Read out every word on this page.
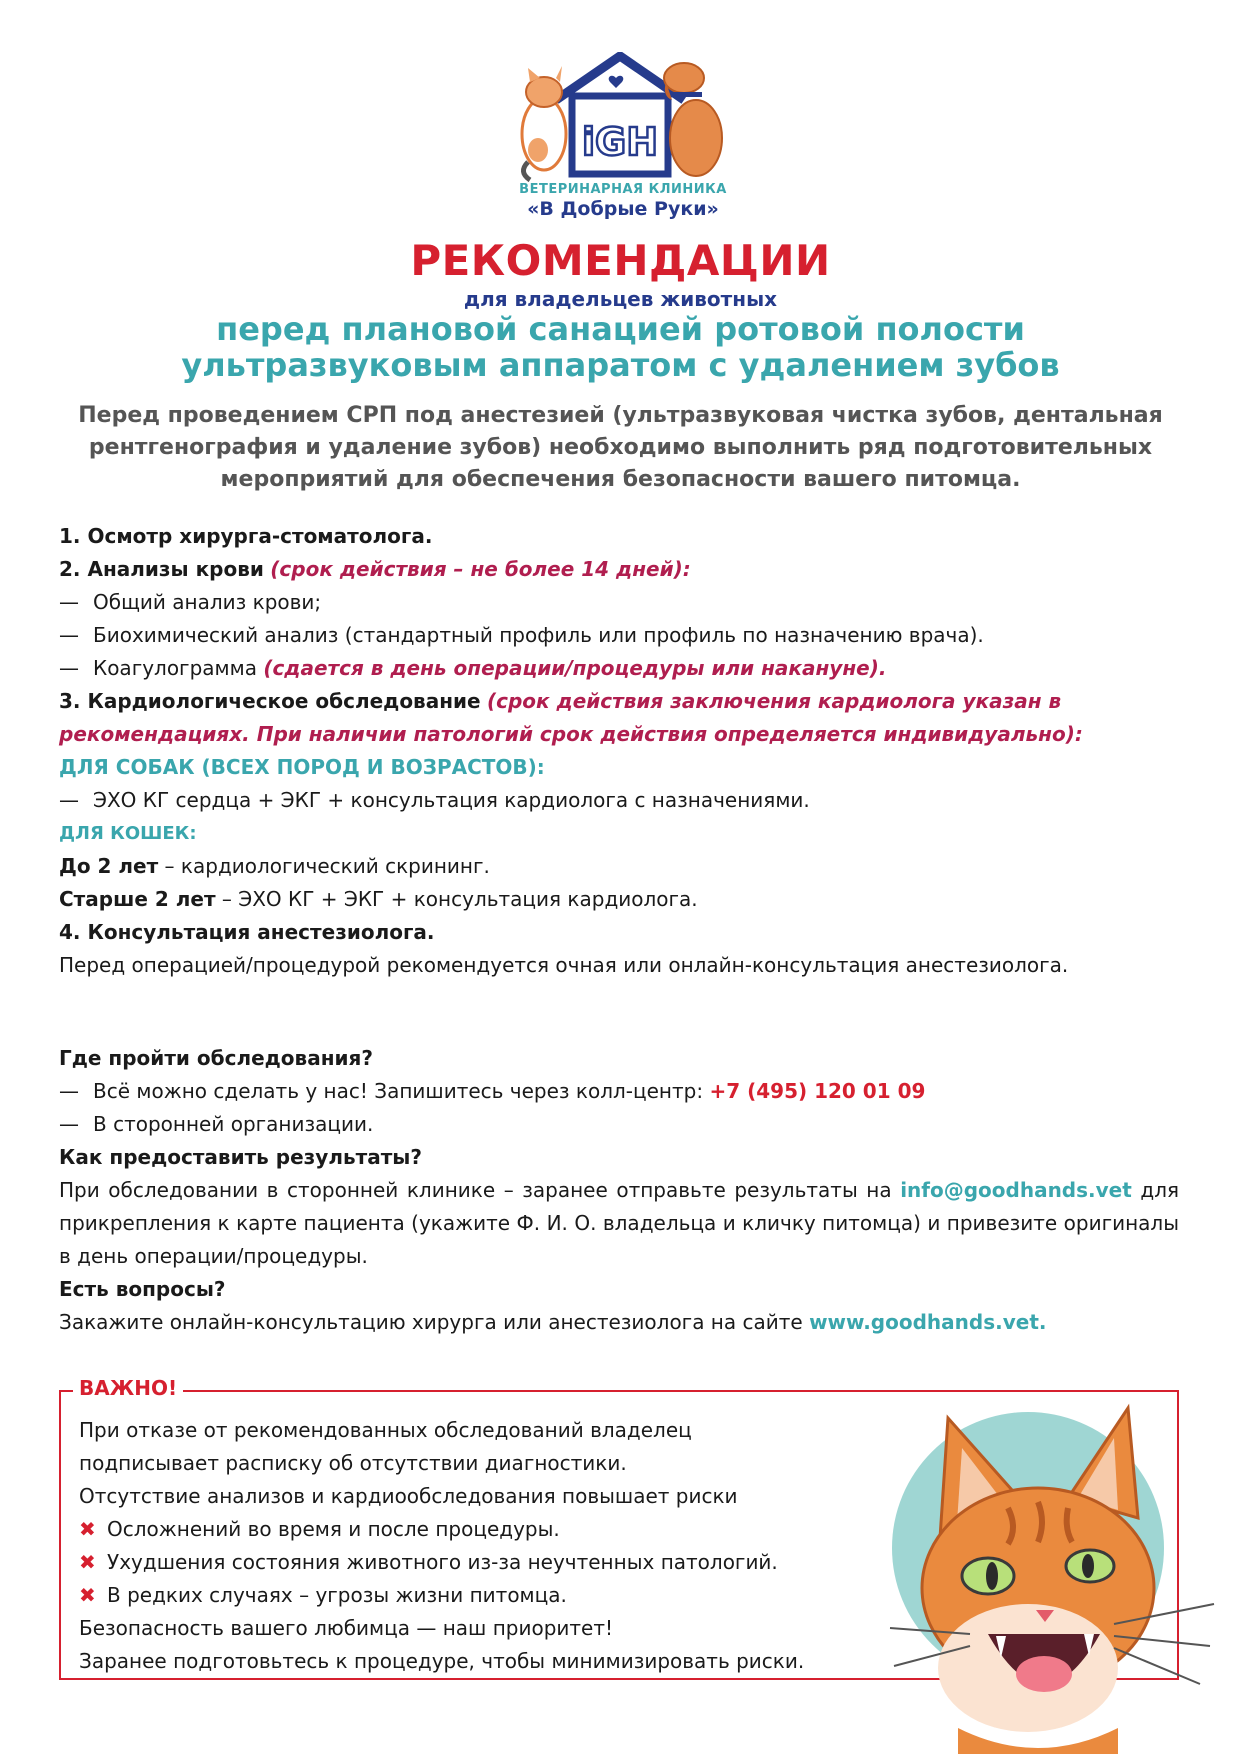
iGH
ВЕТЕРИНАРНАЯ КЛИНИКА
«В Добрые Руки»
РЕКОМЕНДАЦИИ
для владельцев животных
перед плановой санацией ротовой полости
ультразвуковым аппаратом с удалением зубов
Перед проведением СРП под анестезией (ультразвуковая чистка зубов, дентальная рентгенография и удаление зубов) необходимо выполнить ряд подготовительных мероприятий для обеспечения безопасности вашего питомца.
1. Осмотр хирурга-стоматолога.
2. Анализы крови (срок действия – не более 14 дней):
— Общий анализ крови;
— Биохимический анализ (стандартный профиль или профиль по назначению врача).
— Коагулограмма (сдается в день операции/процедуры или накануне).
3. Кардиологическое обследование (срок действия заключения кардиолога указан в
рекомендациях. При наличии патологий срок действия определяется индивидуально):
ДЛЯ СОБАК (ВСЕХ ПОРОД И ВОЗРАСТОВ):
— ЭХО КГ сердца + ЭКГ + консультация кардиолога с назначениями.
ДЛЯ КОШЕК:
До 2 лет – кардиологический скрининг.
Старше 2 лет – ЭХО КГ + ЭКГ + консультация кардиолога.
4. Консультация анестезиолога.
Перед операцией/процедурой рекомендуется очная или онлайн-консультация анестезиолога.
Где пройти обследования?
— Всё можно сделать у нас! Запишитесь через колл-центр: +7 (495) 120 01 09
— В сторонней организации.
Как предоставить результаты?
При обследовании в сторонней клинике – заранее отправьте результаты на info@goodhands.vet для прикрепления к карте пациента (укажите Ф. И. О. владельца и кличку питомца) и привезите оригиналы в день операции/процедуры.
Есть вопросы?
Закажите онлайн-консультацию хирурга или анестезиолога на сайте www.goodhands.vet.
ВАЖНО!
При отказе от рекомендованных обследований владелец
подписывает расписку об отсутствии диагностики.
Отсутствие анализов и кардиообследования повышает риски
✖ Осложнений во время и после процедуры.
✖ Ухудшения состояния животного из-за неучтенных патологий.
✖ В редких случаях – угрозы жизни питомца.
Безопасность вашего любимца — наш приоритет!
Заранее подготовьтесь к процедуре, чтобы минимизировать риски.
